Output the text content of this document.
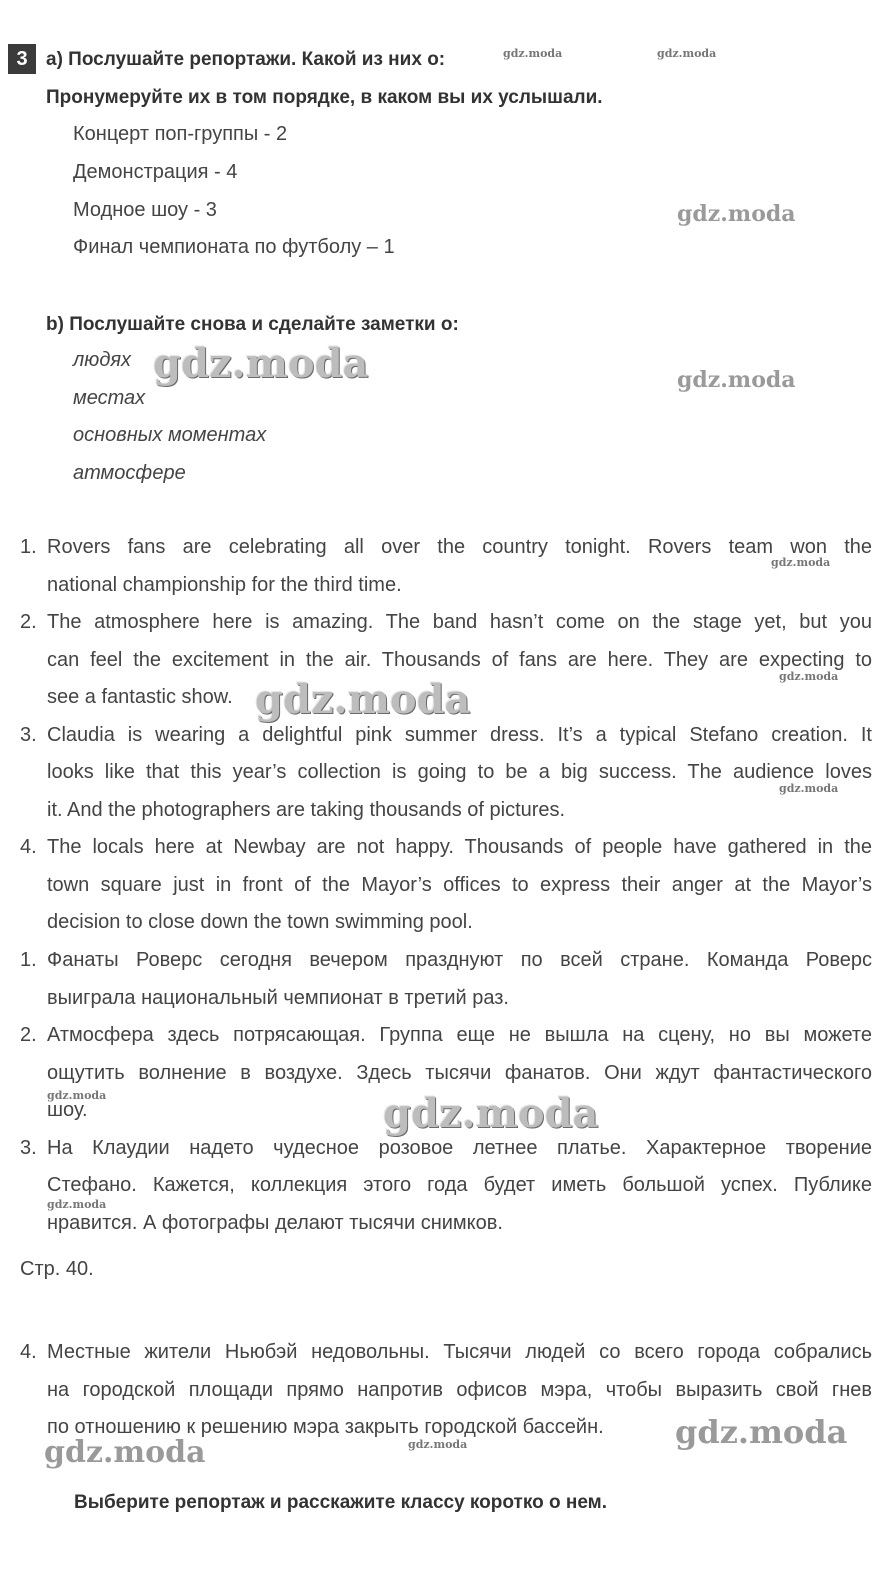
3 a) Послушайте репортажи. Какой из них о:
Пронумеруйте их в том порядке, в каком вы их услышали.
Концерт поп-группы - 2
Демонстрация - 4
Модное шоу - 3
Финал чемпионата по футболу – 1
b) Послушайте снова и сделайте заметки о:
людях
местах
основных моментах
атмосфере
1. Rovers fans are celebrating all over the country tonight. Rovers team won the
national championship for the third time.
2. The atmosphere here is amazing. The band hasn’t come on the stage yet, but you
can feel the excitement in the air. Thousands of fans are here. They are expecting to
see a fantastic show.
3. Claudia is wearing a delightful pink summer dress. It’s a typical Stefano creation. It
looks like that this year’s collection is going to be a big success. The audience loves
it. And the photographers are taking thousands of pictures.
4. The locals here at Newbay are not happy. Thousands of people have gathered in the
town square just in front of the Mayor’s offices to express their anger at the Mayor’s
decision to close down the town swimming pool.
1. Фанаты Роверс сегодня вечером празднуют по всей стране. Команда Роверс
выиграла национальный чемпионат в третий раз.
2. Атмосфера здесь потрясающая. Группа еще не вышла на сцену, но вы можете
ощутить волнение в воздухе. Здесь тысячи фанатов. Они ждут фантастического
шоу.
3. На Клаудии надето чудесное розовое летнее платье. Характерное творение
Стефано. Кажется, коллекция этого года будет иметь большой успех. Публике
нравится. А фотографы делают тысячи снимков.
Стр. 40.
4. Местные жители Ньюбэй недовольны. Тысячи людей со всего города собрались
на городской площади прямо напротив офисов мэра, чтобы выразить свой гнев
по отношению к решению мэра закрыть городской бассейн.
Выберите репортаж и расскажите классу коротко о нем.
gdz.moda	gdz.moda
gdz.moda
gdz.moda	gdz.moda
gdz.moda
gdz.moda	gdz.moda
gdz.moda
gdz.moda	gdz.moda
gdz.moda
gdz.moda	gdz.moda	gdz.moda
